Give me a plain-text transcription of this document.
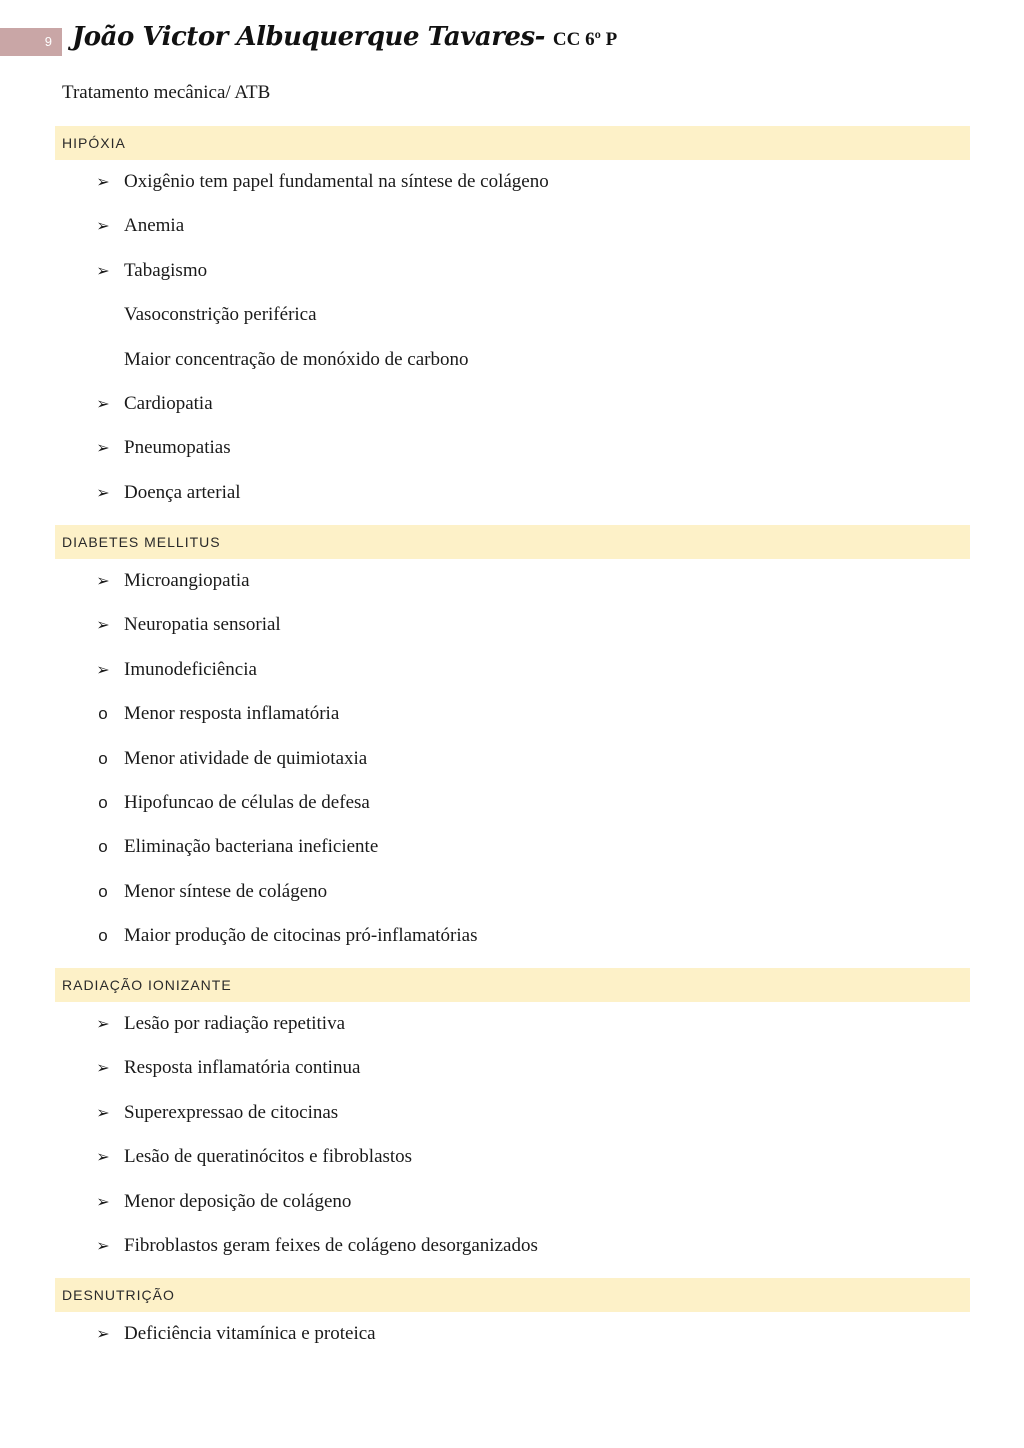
9 João Victor Albuquerque Tavares- CC 6º P
Tratamento mecânica/ ATB
HIPÓXIA
➢ Oxigênio tem papel fundamental na síntese de colágeno
➢ Anemia
➢ Tabagismo
Vasoconstrição periférica
Maior concentração de monóxido de carbono
➢ Cardiopatia
➢ Pneumopatias
➢ Doença arterial
DIABETES MELLITUS
➢ Microangiopatia
➢ Neuropatia sensorial
➢ Imunodeficiência
o Menor resposta inflamatória
o Menor atividade de quimiotaxia
o Hipofuncao de células de defesa
o Eliminação bacteriana ineficiente
o Menor síntese de colágeno
o Maior produção de citocinas pró-inflamatórias
RADIAÇÃO IONIZANTE
➢ Lesão por radiação repetitiva
➢ Resposta inflamatória continua
➢ Superexpressao de citocinas
➢ Lesão de queratinócitos e fibroblastos
➢ Menor deposição de colágeno
➢ Fibroblastos geram feixes de colágeno desorganizados
DESNUTRIÇÃO
➢ Deficiência vitamínica e proteica
